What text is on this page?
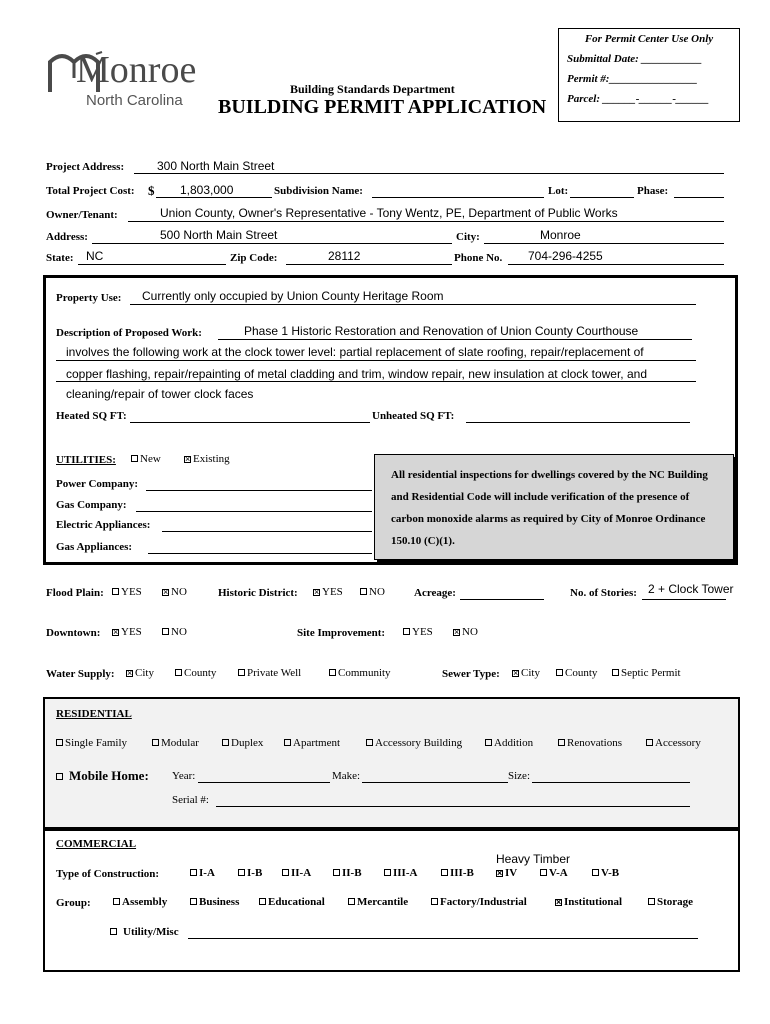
Monroe
North Carolina
Building Standards Department
BUILDING PERMIT APPLICATION
For Permit Center Use Only
Submittal Date: ___________
Permit #:________________
Parcel: ______-______-______
Project Address:	300 North Main Street
Total Project Cost: $ 1,803,000	Subdivision Name:	Lot:	Phase:
Owner/Tenant:	Union County, Owner's Representative - Tony Wentz, PE, Department of Public Works
Address:	500 North Main Street	City:	Monroe
State: NC	Zip Code:	28112	Phone No. 704-296-4255
Property Use: Currently only occupied by Union County Heritage Room
Description of Proposed Work:	Phase 1 Historic Restoration and Renovation of Union County Courthouse
involves the following work at the clock tower level: partial replacement of slate roofing, repair/replacement of
copper flashing, repair/repainting of metal cladding and trim, window repair, new insulation at clock tower, and
cleaning/repair of tower clock faces
Heated SQ FT:	Unheated SQ FT:
UTILITIES:	New ×	Existing
Power Company:
Gas Company:
Electric Appliances:
Gas Appliances:
All residential inspections for dwellings covered by the NC Building and Residential Code will include verification of the presence of carbon monoxide alarms as required by City of Monroe Ordinance 150.10 (C)(1).
Flood Plain:	YES ×	NO	Historic District: ×	YES	NO	Acreage:	No. of Stories: 2 + Clock Tower
Downtown: ×	YES	NO	Site Improvement:	YES ×	NO
Water Supply: ×	City	County	Private Well	Community	Sewer Type: ×	City	County	Septic Permit
RESIDENTIAL
Single Family	Modular	Duplex	Apartment	Accessory Building	Addition	Renovations	Accessory
Mobile Home: Year:	Make:	Size:
Serial #:
COMMERCIAL
Heavy Timber
Type of Construction:	I-A	I-B	II-A	II-B	III-A	III-B ×	IV	V-A	V-B
Group:	Assembly	Business	Educational	Mercantile	Factory/Industrial ×	Institutional	Storage
Utility/Misc
